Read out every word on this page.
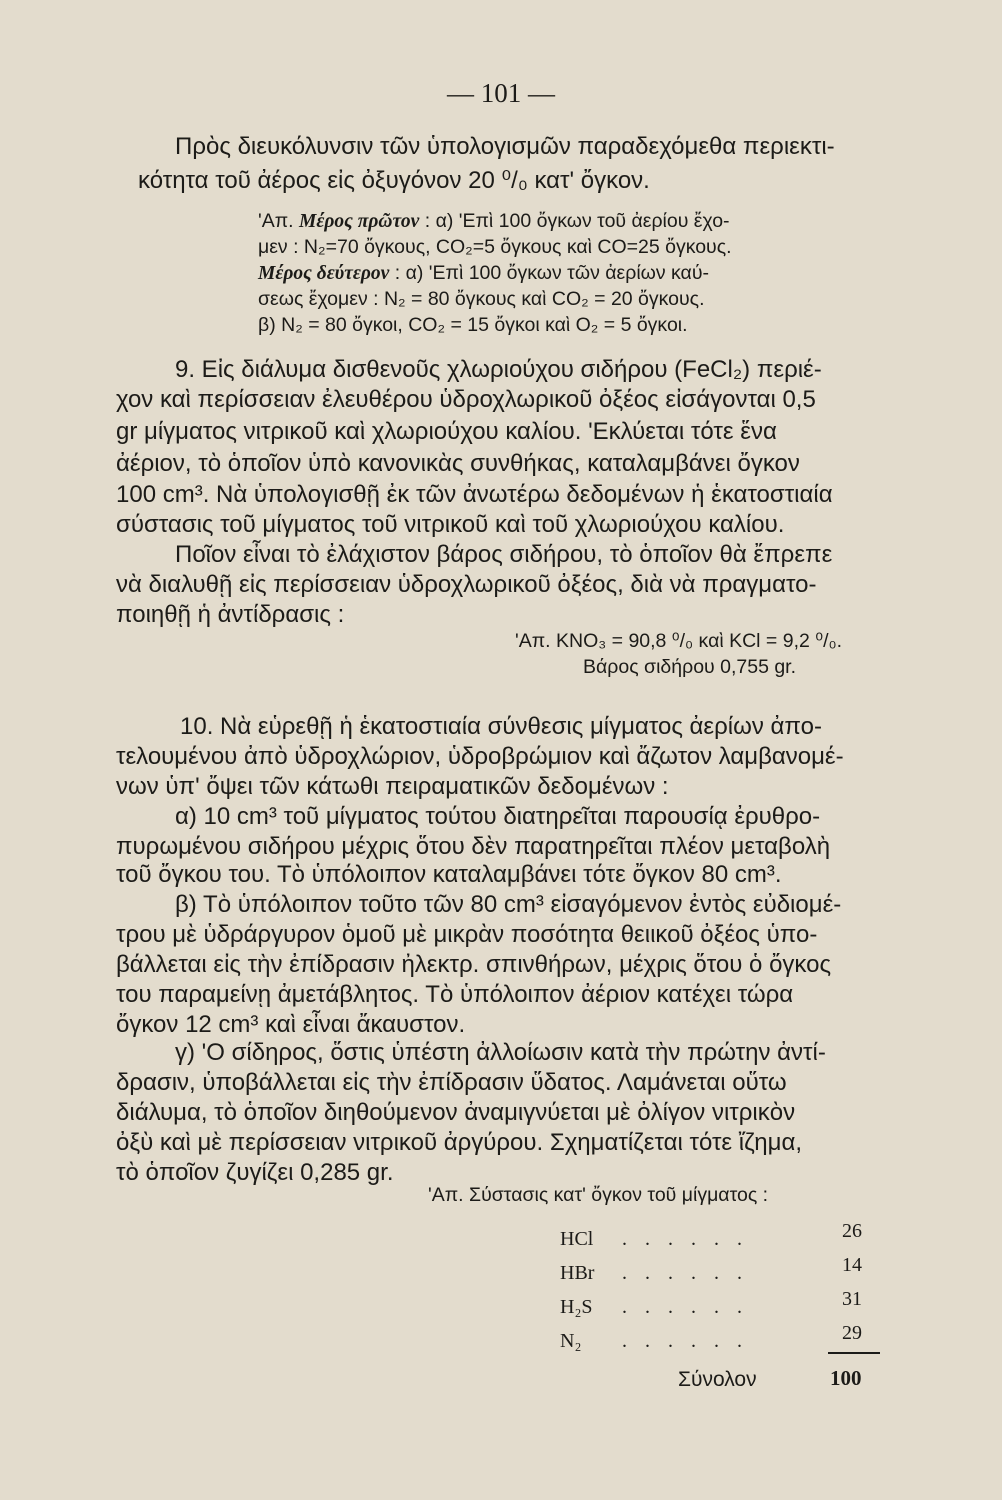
— 101 —
Πρὸς διευκόλυνσιν τῶν ὑπολογισμῶν παραδεχόμεθα περιεκτι-
κότητα τοῦ ἀέρος εἰς ὀξυγόνον 20 ⁰/₀ κατ' ὄγκον.
'Απ. Μέρος πρῶτον : α) 'Επὶ 100 ὄγκων τοῦ ἀερίου ἔχο-
μεν : N₂=70 ὄγκους, CO₂=5 ὄγκους καὶ CO=25 ὄγκους.
Μέρος δεύτερον : α) 'Επὶ 100 ὄγκων τῶν ἀερίων καύ-
σεως ἔχομεν : N₂ = 80 ὄγκους καὶ CO₂ = 20 ὄγκους.
β) N₂ = 80 ὄγκοι, CO₂ = 15 ὄγκοι καὶ O₂ = 5 ὄγκοι.
9. Εἰς διάλυμα δισθενοῦς χλωριούχου σιδήρου (FeCl₂) περιέ-
χον καὶ περίσσειαν ἐλευθέρου ὑδροχλωρικοῦ ὀξέος εἰσάγονται 0,5
gr μίγματος νιτρικοῦ καὶ χλωριούχου καλίου. 'Εκλύεται τότε ἕνα
ἀέριον, τὸ ὁποῖον ὑπὸ κανονικὰς συνθήκας, καταλαμβάνει ὄγκον
100 cm³. Νὰ ὑπολογισθῇ ἐκ τῶν ἀνωτέρω δεδομένων ἡ ἑκατοστιαία
σύστασις τοῦ μίγματος τοῦ νιτρικοῦ καὶ τοῦ χλωριούχου καλίου.
Ποῖον εἶναι τὸ ἐλάχιστον βάρος σιδήρου, τὸ ὁποῖον θὰ ἔπρεπε
νὰ διαλυθῇ εἰς περίσσειαν ὑδροχλωρικοῦ ὀξέος, διὰ νὰ πραγματο-
ποιηθῇ ἡ ἀντίδρασις :
'Απ. KNO₃ = 90,8 ⁰/₀ καὶ KCl = 9,2 ⁰/₀.
Βάρος σιδήρου 0,755 gr.
10. Νὰ εὑρεθῇ ἡ ἑκατοστιαία σύνθεσις μίγματος ἀερίων ἀπο-
τελουμένου ἀπὸ ὑδροχλώριον, ὑδροβρώμιον καὶ ἄζωτον λαμβανομέ-
νων ὑπ' ὄψει τῶν κάτωθι πειραματικῶν δεδομένων :
α) 10 cm³ τοῦ μίγματος τούτου διατηρεῖται παρουσίᾳ ἐρυθρο-
πυρωμένου σιδήρου μέχρις ὅτου δὲν παρατηρεῖται πλέον μεταβολὴ
τοῦ ὄγκου του. Τὸ ὑπόλοιπον καταλαμβάνει τότε ὄγκον 80 cm³.
β) Τὸ ὑπόλοιπον τοῦτο τῶν 80 cm³ εἰσαγόμενον ἐντὸς εὐδιομέ-
τρου μὲ ὑδράργυρον ὁμοῦ μὲ μικρὰν ποσότητα θειικοῦ ὀξέος ὑπο-
βάλλεται εἰς τὴν ἐπίδρασιν ἠλεκτρ. σπινθήρων, μέχρις ὅτου ὁ ὄγκος
του παραμείνῃ ἀμετάβλητος. Τὸ ὑπόλοιπον ἀέριον κατέχει τώρα
ὄγκον 12 cm³ καὶ εἶναι ἄκαυστον.
γ) 'Ο σίδηρος, ὅστις ὑπέστη ἀλλοίωσιν κατὰ τὴν πρώτην ἀντί-
δρασιν, ὑποβάλλεται εἰς τὴν ἐπίδρασιν ὕδατος. Λαμάνεται οὕτω
διάλυμα, τὸ ὁποῖον διηθούμενον ἀναμιγνύεται μὲ ὀλίγον νιτρικὸν
ὀξὺ καὶ μὲ περίσσειαν νιτρικοῦ ἀργύρου. Σχηματίζεται τότε ἴζημα,
τὸ ὁποῖον ζυγίζει 0,285 gr.
'Απ. Σύστασις κατ' ὄγκον τοῦ μίγματος :
HCl ......	26
HBr ......	14
H₂S ......	31
N₂ ......	29
Σύνολον	100
